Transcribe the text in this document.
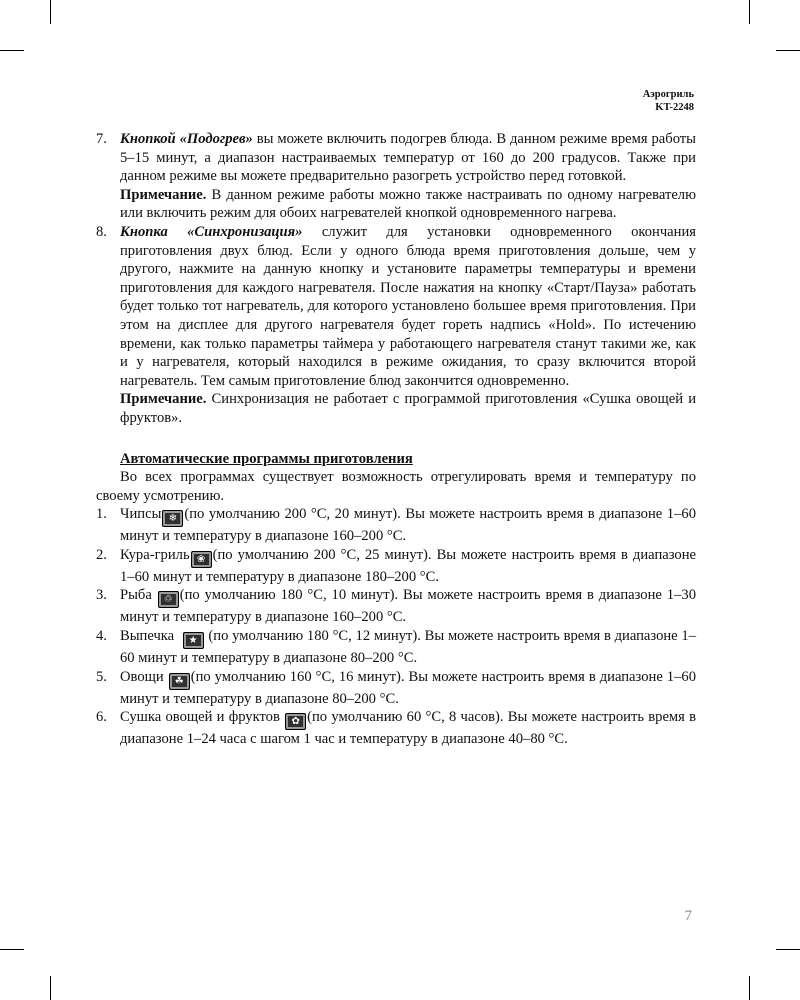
Аэрогриль
KT-2248
7. Кнопкой «Подогрев» вы можете включить подогрев блюда. В данном режиме время работы 5–15 минут, а диапазон настраиваемых температур от 160 до 200 градусов. Также при данном режиме вы можете предварительно разогреть устройство перед готовкой.
Примечание. В данном режиме работы можно также настраивать по одному нагревателю или включить режим для обоих нагревателей кнопкой одновременного нагрева.
8. Кнопка «Синхронизация» служит для установки одновременного окончания приготовления двух блюд. Если у одного блюда время приготовления дольше, чем у другого, нажмите на данную кнопку и установите параметры температуры и времени приготовления для каждого нагревателя. После нажатия на кнопку «Старт/Пауза» работать будет только тот нагреватель, для которого установлено большее время приготовления. При этом на дисплее для другого нагревателя будет гореть надпись «Hold». По истечению времени, как только параметры таймера у работающего нагревателя станут такими же, как и у нагревателя, который находился в режиме ожидания, то сразу включится второй нагреватель. Тем самым приготовление блюд закончится одновременно.
Примечание. Синхронизация не работает с программой приготовления «Сушка овощей и фруктов».
Автоматические программы приготовления
Во всех программах существует возможность отрегулировать время и температуру по своему усмотрению.
1. Чипсы ❄ (по умолчанию 200 °С, 20 минут). Вы можете настроить время в диапазоне 1–60 минут и температуру в диапазоне 160–200 °С.
2. Кура-гриль ❀ (по умолчанию 200 °С, 25 минут). Вы можете настроить время в диапазоне 1–60 минут и температуру в диапазоне 180–200 °С.
3. Рыба ♲ (по умолчанию 180 °С, 10 минут). Вы можете настроить время в диапазоне 1–30 минут и температуру в диапазоне 160–200 °С.
4. Выпечка ★ (по умолчанию 180 °С, 12 минут). Вы можете настроить время в диапазоне 1–60 минут и температуру в диапазоне 80–200 °С.
5. Овощи ☘ (по умолчанию 160 °С, 16 минут). Вы можете настроить время в диапазоне 1–60 минут и температуру в диапазоне 80–200 °С.
6. Сушка овощей и фруктов ✿ (по умолчанию 60 °С, 8 часов). Вы можете настроить время в диапазоне 1–24 часа с шагом 1 час и температуру в диапазоне 40–80 °С.
7
